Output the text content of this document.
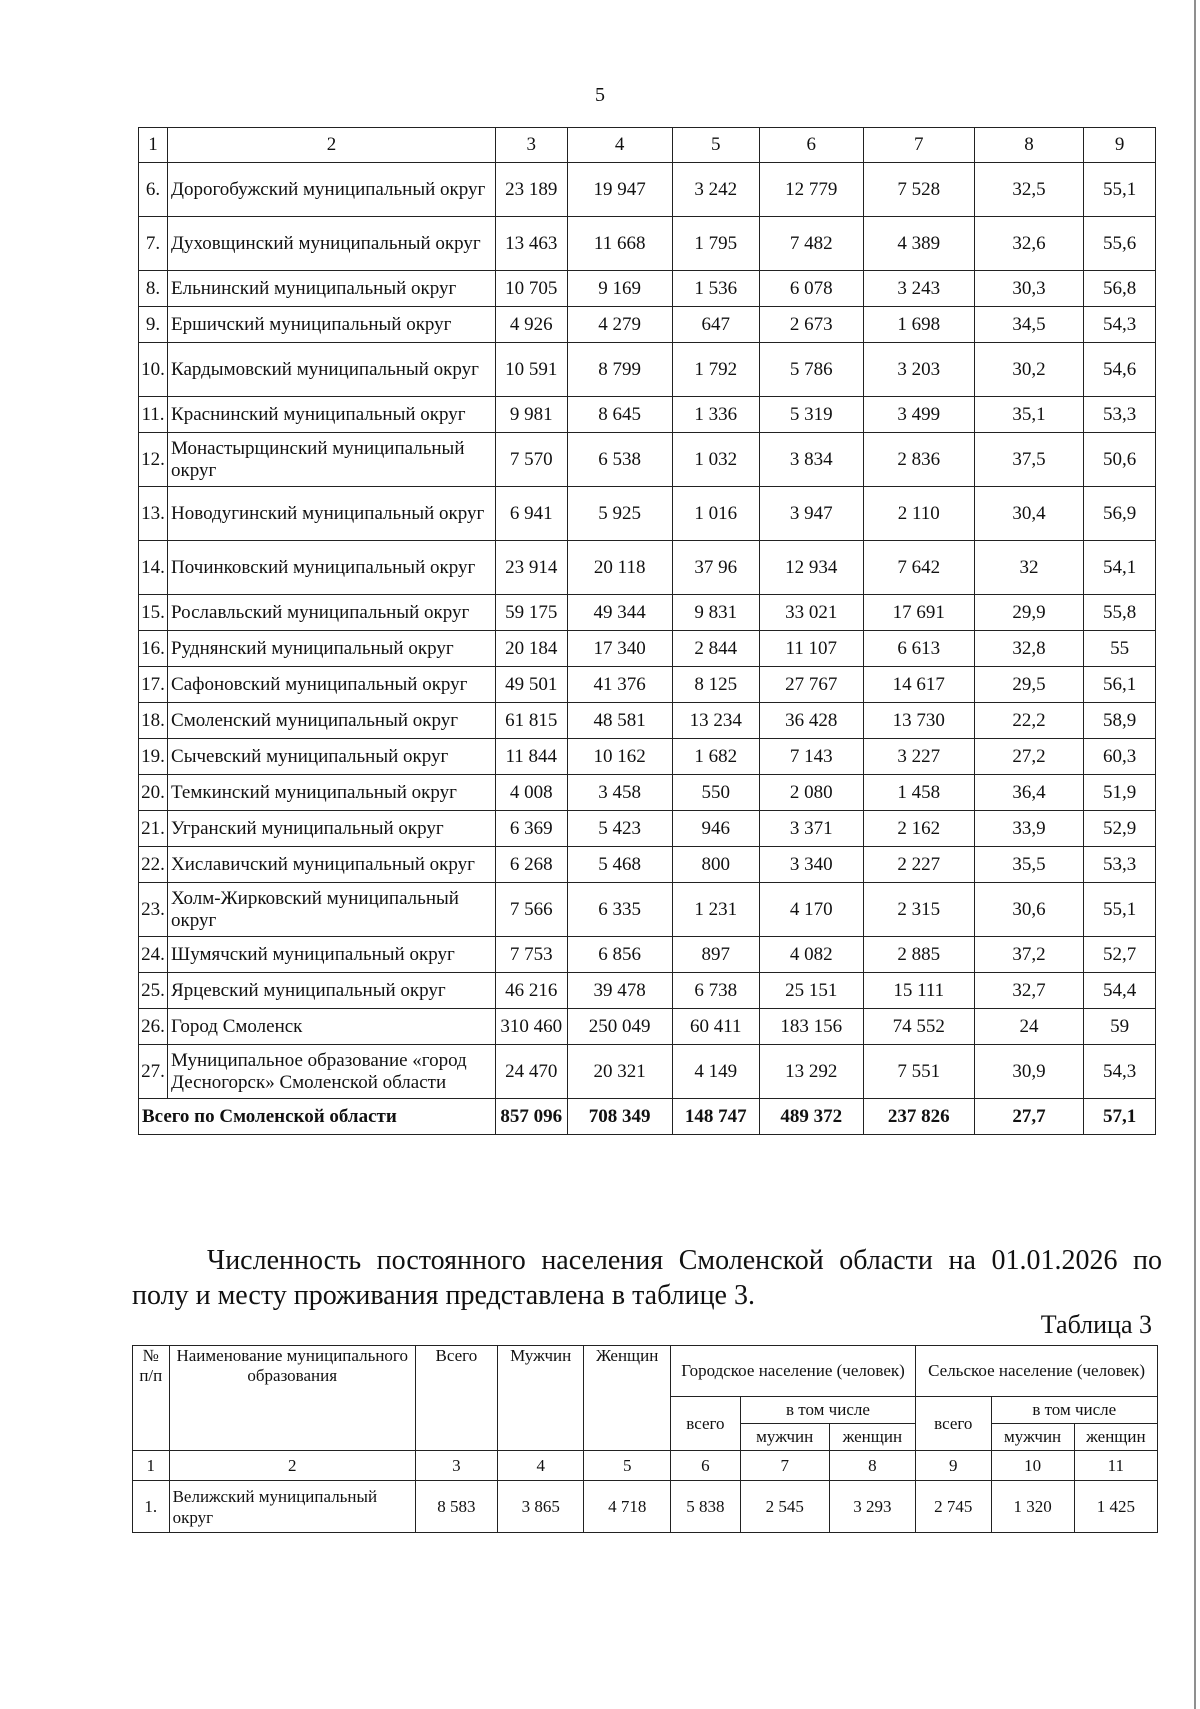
5
1	2	3	4	5	6	7	8	9
6.	Дорогобужский муниципальный округ	23 189	19 947	3 242	12 779	7 528	32,5	55,1
7.	Духовщинский муниципальный округ	13 463	11 668	1 795	7 482	4 389	32,6	55,6
8.	Ельнинский муниципальный округ	10 705	9 169	1 536	6 078	3 243	30,3	56,8
9.	Ершичский муниципальный округ	4 926	4 279	647	2 673	1 698	34,5	54,3
10.	Кардымовский муниципальный округ	10 591	8 799	1 792	5 786	3 203	30,2	54,6
11.	Краснинский муниципальный округ	9 981	8 645	1 336	5 319	3 499	35,1	53,3
12.	Монастырщинский муниципальный округ	7 570	6 538	1 032	3 834	2 836	37,5	50,6
13.	Новодугинский муниципальный округ	6 941	5 925	1 016	3 947	2 110	30,4	56,9
14.	Починковский муниципальный округ	23 914	20 118	37 96	12 934	7 642	32	54,1
15.	Рославльский муниципальный округ	59 175	49 344	9 831	33 021	17 691	29,9	55,8
16.	Руднянский муниципальный округ	20 184	17 340	2 844	11 107	6 613	32,8	55
17.	Сафоновский муниципальный округ	49 501	41 376	8 125	27 767	14 617	29,5	56,1
18.	Смоленский муниципальный округ	61 815	48 581	13 234	36 428	13 730	22,2	58,9
19.	Сычевский муниципальный округ	11 844	10 162	1 682	7 143	3 227	27,2	60,3
20.	Темкинский муниципальный округ	4 008	3 458	550	2 080	1 458	36,4	51,9
21.	Угранский муниципальный округ	6 369	5 423	946	3 371	2 162	33,9	52,9
22.	Хиславичский муниципальный округ	6 268	5 468	800	3 340	2 227	35,5	53,3
23.	Холм-Жирковский муниципальный округ	7 566	6 335	1 231	4 170	2 315	30,6	55,1
24.	Шумячский муниципальный округ	7 753	6 856	897	4 082	2 885	37,2	52,7
25.	Ярцевский муниципальный округ	46 216	39 478	6 738	25 151	15 111	32,7	54,4
26.	Город Смоленск	310 460	250 049	60 411	183 156	74 552	24	59
27.	Муниципальное образование «город Десногорск» Смоленской области	24 470	20 321	4 149	13 292	7 551	30,9	54,3
Всего по Смоленской области		857 096	708 349	148 747	489 372	237 826	27,7	57,1
Численность постоянного населения Смоленской области на 01.01.2026 по полу и месту проживания представлена в таблице 3.
Таблица 3
№ п/п	Наименование муниципального образования	Всего	Мужчин	Женщин	Городское население (человек)			Сельское население (человек)		
					всего	в том числе		всего	в том числе	
						мужчин	женщин		мужчин	женщин
1	2	3	4	5	6	7	8	9	10	11
1.	Велижский муниципальный округ	8 583	3 865	4 718	5 838	2 545	3 293	2 745	1 320	1 425
